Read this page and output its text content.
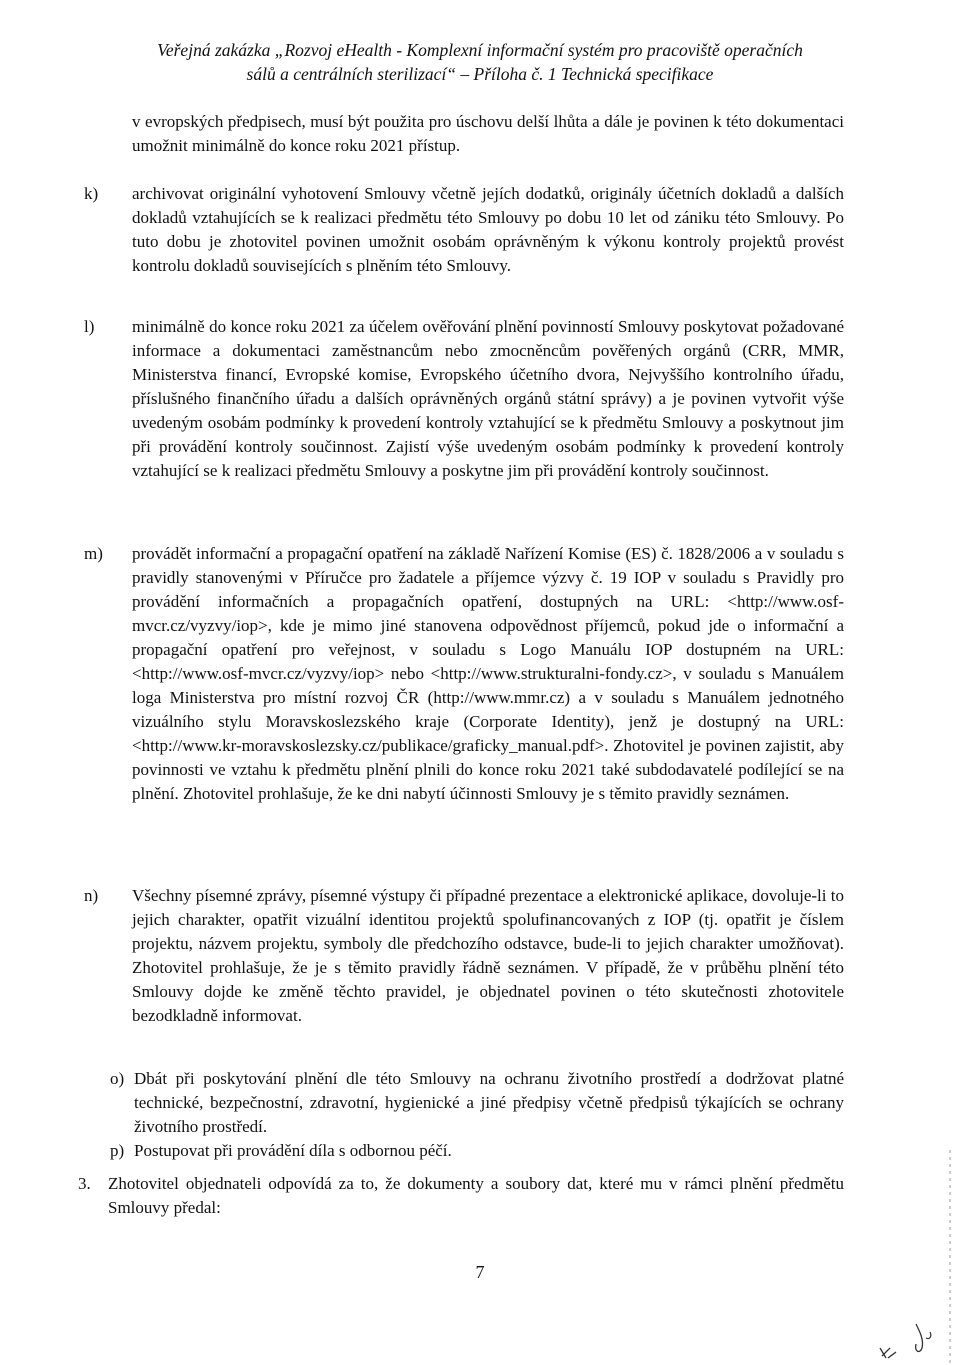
Veřejná zakázka „Rozvoj eHealth - Komplexní informační systém pro pracoviště operačních
sálů a centrálních sterilizací“ – Příloha č. 1 Technická specifikace
v evropských předpisech, musí být použita pro úschovu delší lhůta a dále je povinen k této dokumentaci umožnit minimálně do konce roku 2021 přístup.
k) archivovat originální vyhotovení Smlouvy včetně jejích dodatků, originály účetních dokladů a dalších dokladů vztahujících se k realizaci předmětu této Smlouvy po dobu 10 let od zániku této Smlouvy. Po tuto dobu je zhotovitel povinen umožnit osobám oprávněným k výkonu kontroly projektů provést kontrolu dokladů souvisejících s plněním této Smlouvy.
l) minimálně do konce roku 2021 za účelem ověřování plnění povinností Smlouvy poskytovat požadované informace a dokumentaci zaměstnancům nebo zmocněncům pověřených orgánů (CRR, MMR, Ministerstva financí, Evropské komise, Evropského účetního dvora, Nejvyššího kontrolního úřadu, příslušného finančního úřadu a dalších oprávněných orgánů státní správy) a je povinen vytvořit výše uvedeným osobám podmínky k provedení kontroly vztahující se k předmětu Smlouvy a poskytnout jim při provádění kontroly součinnost. Zajistí výše uvedeným osobám podmínky k provedení kontroly vztahující se k realizaci předmětu Smlouvy a poskytne jim při provádění kontroly součinnost.
m) provádět informační a propagační opatření na základě Nařízení Komise (ES) č. 1828/2006 a v souladu s pravidly stanovenými v Příručce pro žadatele a příjemce výzvy č. 19 IOP v souladu s Pravidly pro provádění informačních a propagačních opatření, dostupných na URL: <http://www.osf-mvcr.cz/vyzvy/iop>, kde je mimo jiné stanovena odpovědnost příjemců, pokud jde o informační a propagační opatření pro veřejnost, v souladu s Logo Manuálu IOP dostupném na URL: <http://www.osf-mvcr.cz/vyzvy/iop> nebo <http://www.strukturalni-fondy.cz>, v souladu s Manuálem loga Ministerstva pro místní rozvoj ČR (http://www.mmr.cz) a v souladu s Manuálem jednotného vizuálního stylu Moravskoslezského kraje (Corporate Identity), jenž je dostupný na URL: <http://www.kr-moravskoslezsky.cz/publikace/graficky_manual.pdf>. Zhotovitel je povinen zajistit, aby povinnosti ve vztahu k předmětu plnění plnili do konce roku 2021 také subdodavatelé podílející se na plnění. Zhotovitel prohlašuje, že ke dni nabytí účinnosti Smlouvy je s těmito pravidly seznámen.
n) Všechny písemné zprávy, písemné výstupy či případné prezentace a elektronické aplikace, dovoluje-li to jejich charakter, opatřit vizuální identitou projektů spolufinancovaných z IOP (tj. opatřit je číslem projektu, názvem projektu, symboly dle předchozího odstavce, bude-li to jejich charakter umožňovat). Zhotovitel prohlašuje, že je s těmito pravidly řádně seznámen. V případě, že v průběhu plnění této Smlouvy dojde ke změně těchto pravidel, je objednatel povinen o této skutečnosti zhotovitele bezodkladně informovat.
o) Dbát při poskytování plnění dle této Smlouvy na ochranu životního prostředí a dodržovat platné technické, bezpečnostní, zdravotní, hygienické a jiné předpisy včetně předpisů týkajících se ochrany životního prostředí.
p) Postupovat při provádění díla s odbornou péčí.
3. Zhotovitel objednateli odpovídá za to, že dokumenty a soubory dat, které mu v rámci plnění předmětu Smlouvy předal:
7
